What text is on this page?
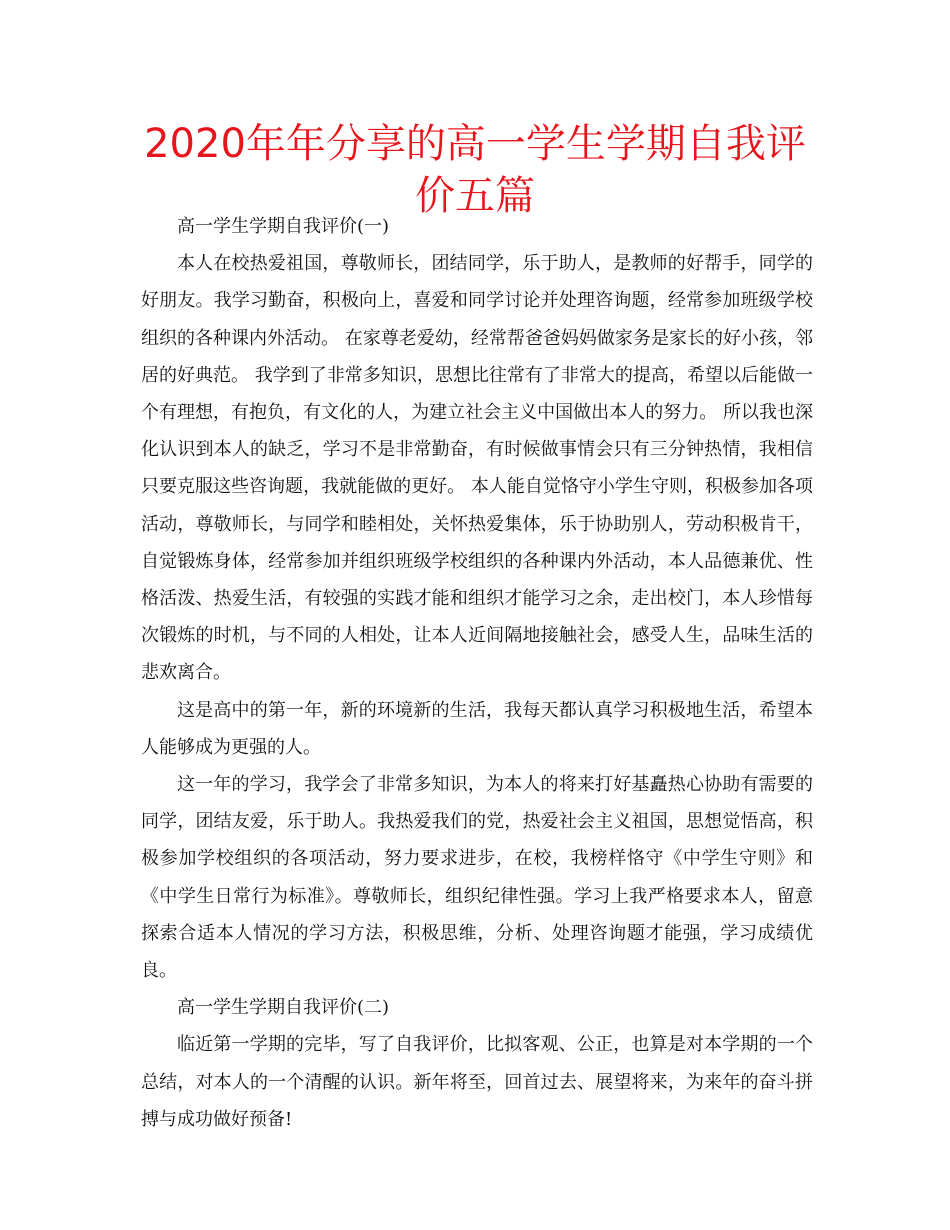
2020年年分享的高一学生学期自我评价五篇

高一学生学期自我评价(一)

本人在校热爱祖国，尊敬师长，团结同学，乐于助人，是教师的好帮手，同学的好朋友。我学习勤奋，积极向上，喜爱和同学讨论并处理咨询题，经常参加班级学校组织的各种课内外活动。 在家尊老爱幼，经常帮爸爸妈妈做家务是家长的好小孩，邻居的好典范。 我学到了非常多知识，思想比往常有了非常大的提高，希望以后能做一个有理想，有抱负，有文化的人，为建立社会主义中国做出本人的努力。 所以我也深化认识到本人的缺乏，学习不是非常勤奋，有时候做事情会只有三分钟热情，我相信只要克服这些咨询题，我就能做的更好。 本人能自觉恪守小学生守则，积极参加各项活动，尊敬师长，与同学和睦相处，关怀热爱集体，乐于协助别人，劳动积极肯干，自觉锻炼身体，经常参加并组织班级学校组织的各种课内外活动，本人品德兼优、性格活泼、热爱生活，有较强的实践才能和组织才能学习之余，走出校门，本人珍惜每次锻炼的时机，与不同的人相处，让本人近间隔地接触社会，感受人生，品味生活的悲欢离合。

这是高中的第一年，新的环境新的生活，我每天都认真学习积极地生活，希望本人能够成为更强的人。

这一年的学习，我学会了非常多知识，为本人的将来打好基矗热心协助有需要的同学，团结友爱，乐于助人。我热爱我们的党，热爱社会主义祖国，思想觉悟高，积极参加学校组织的各项活动，努力要求进步，在校，我榜样恪守《中学生守则》和《中学生日常行为标准》。尊敬师长，组织纪律性强。学习上我严格要求本人，留意探索合适本人情况的学习方法，积极思维，分析、处理咨询题才能强，学习成绩优良。

高一学生学期自我评价(二)

临近第一学期的完毕，写了自我评价，比拟客观、公正，也算是对本学期的一个总结，对本人的一个清醒的认识。新年将至，回首过去、展望将来，为来年的奋斗拼搏与成功做好预备!
